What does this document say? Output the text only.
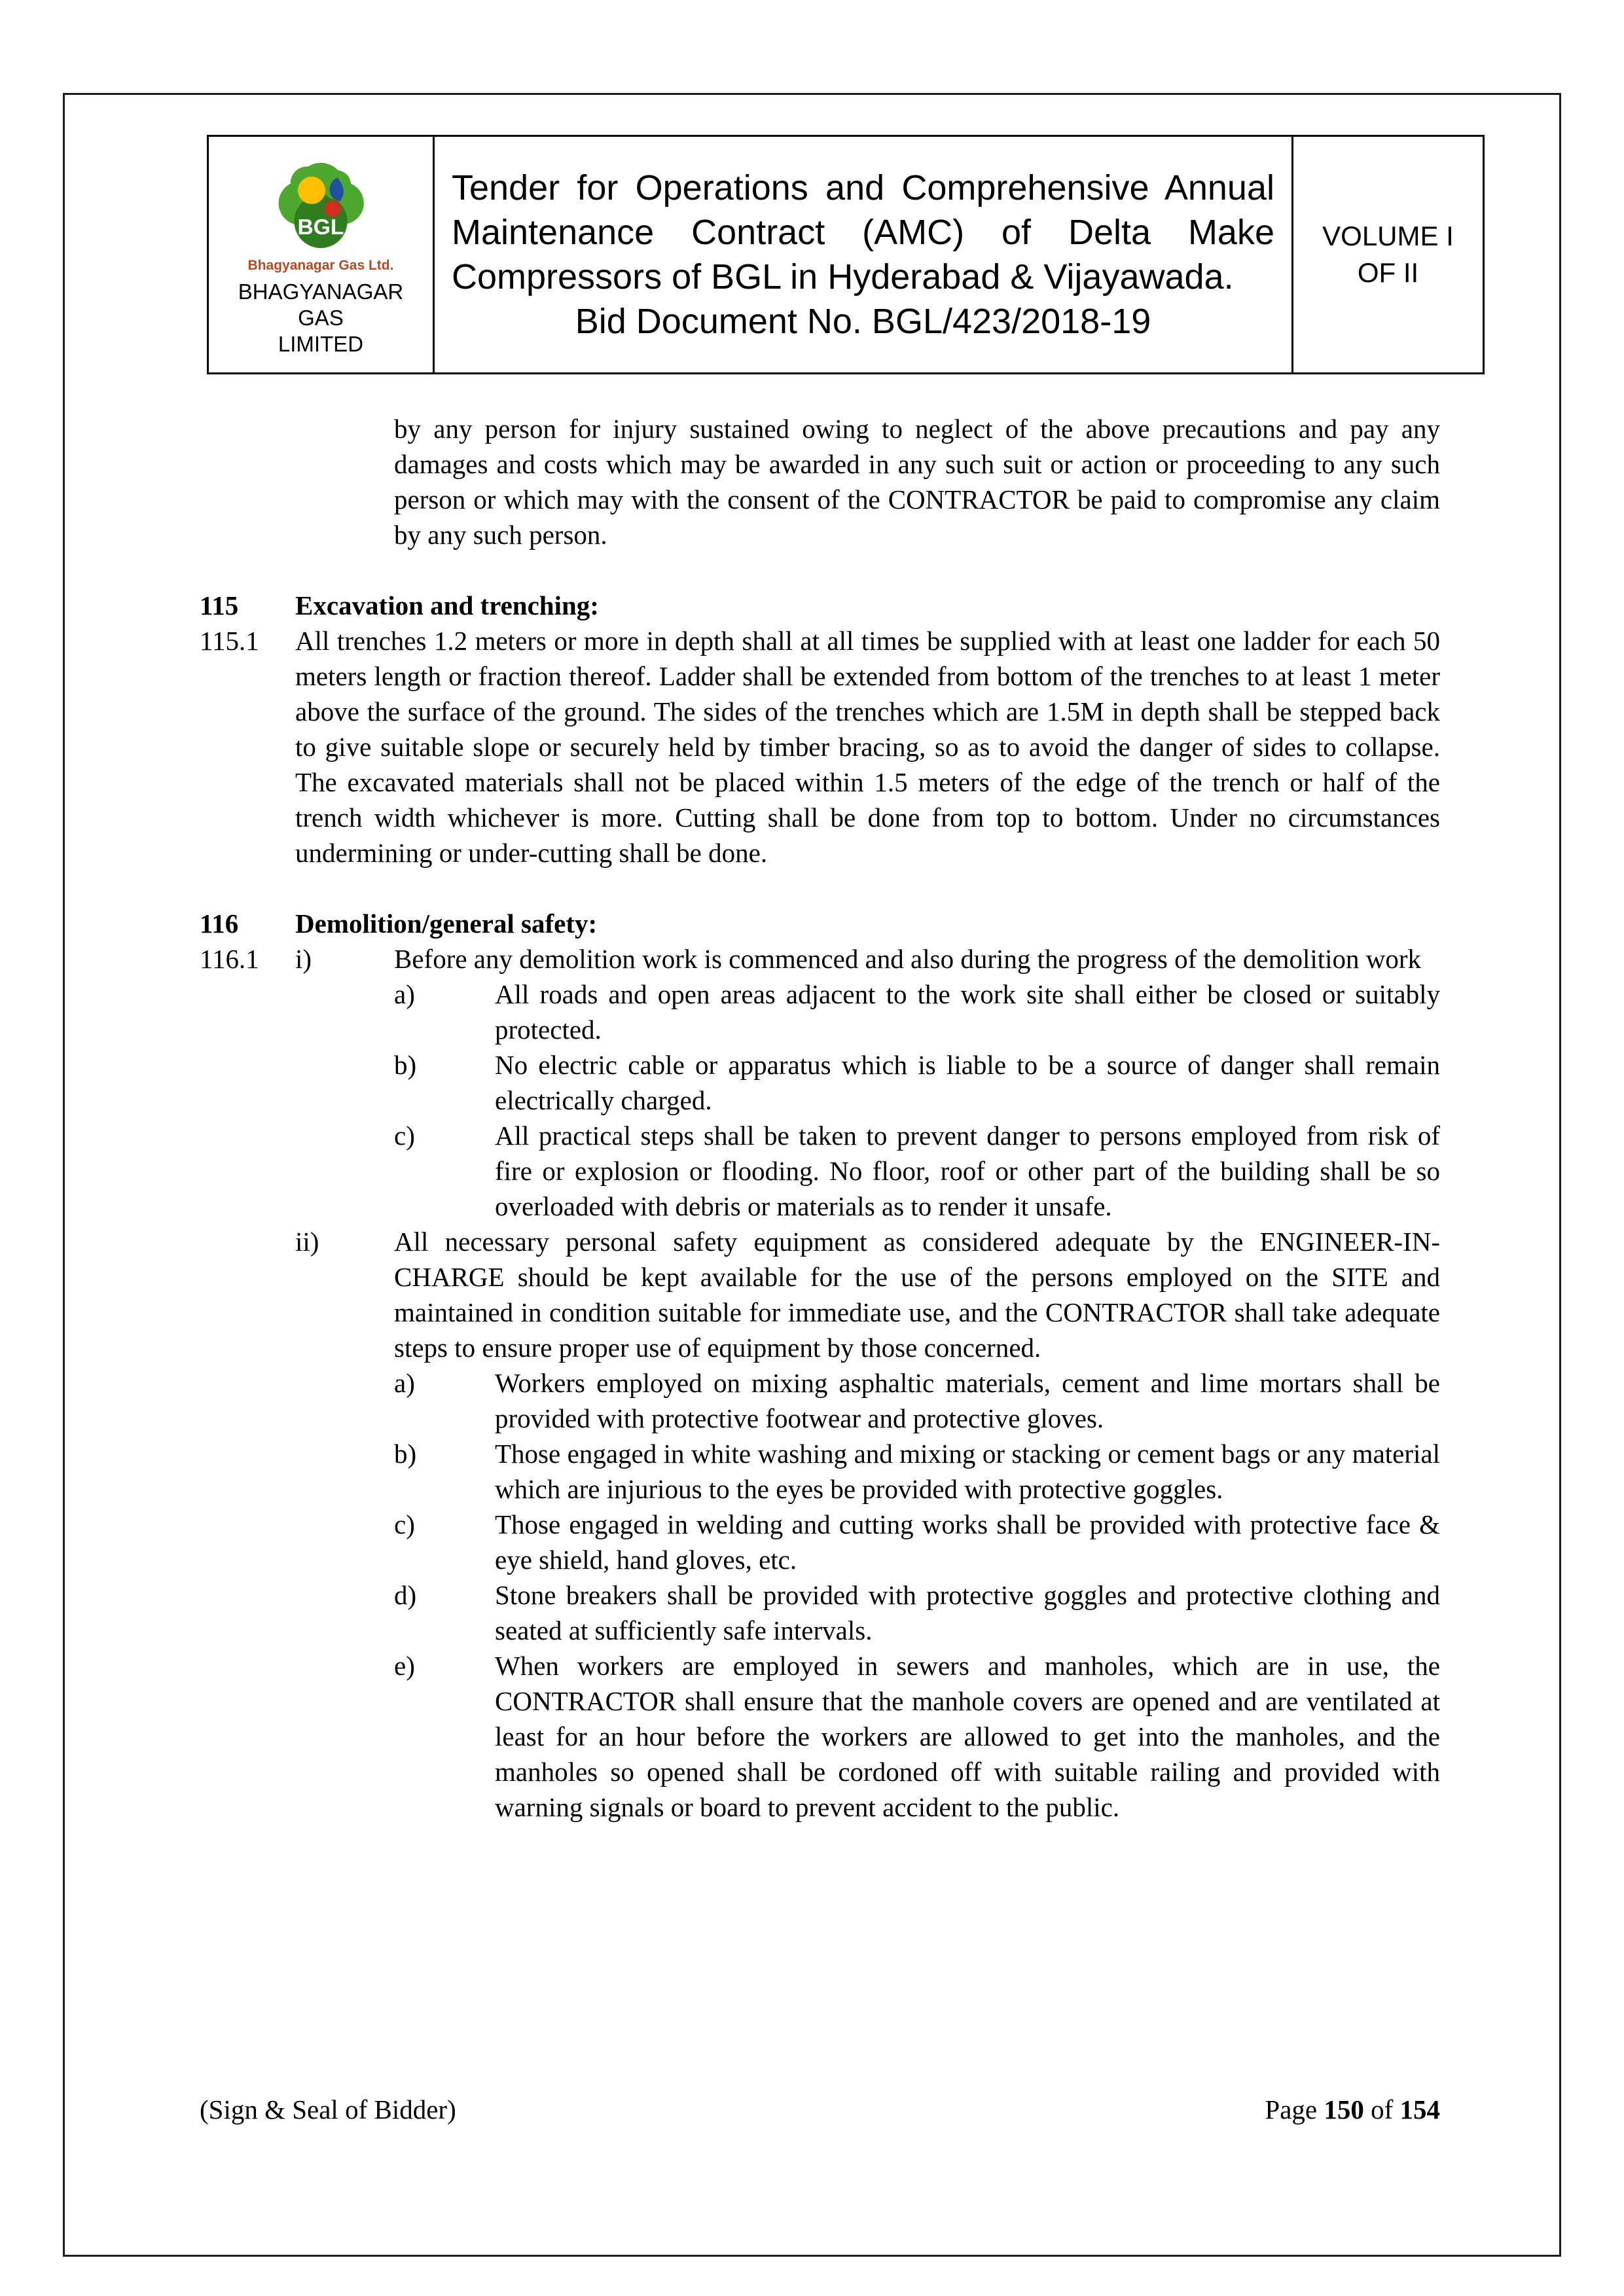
BGL
Bhagyanagar Gas Ltd.
BHAGYANAGAR GAS
LIMITED
Tender for Operations and Comprehensive Annual Maintenance Contract (AMC) of Delta Make Compressors of BGL in Hyderabad & Vijayawada.
Bid Document No. BGL/423/2018-19
VOLUME I
OF II

by any person for injury sustained owing to neglect of the above precautions and pay any damages and costs which may be awarded in any such suit or action or proceeding to any such person or which may with the consent of the CONTRACTOR be paid to compromise any claim by any such person.

115	Excavation and trenching:
115.1	All trenches 1.2 meters or more in depth shall at all times be supplied with at least one ladder for each 50 meters length or fraction thereof. Ladder shall be extended from bottom of the trenches to at least 1 meter above the surface of the ground. The sides of the trenches which are 1.5M in depth shall be stepped back to give suitable slope or securely held by timber bracing, so as to avoid the danger of sides to collapse. The excavated materials shall not be placed within 1.5 meters of the edge of the trench or half of the trench width whichever is more. Cutting shall be done from top to bottom. Under no circumstances undermining or under-cutting shall be done.

116	Demolition/general safety:
116.1	i)	Before any demolition work is commenced and also during the progress of the demolition work

a)	All roads and open areas adjacent to the work site shall either be closed or suitably protected.

b)	No electric cable or apparatus which is liable to be a source of danger shall remain electrically charged.

c)	All practical steps shall be taken to prevent danger to persons employed from risk of fire or explosion or flooding. No floor, roof or other part of the building shall be so overloaded with debris or materials as to render it unsafe.

ii)	All necessary personal safety equipment as considered adequate by the ENGINEER-IN-CHARGE should be kept available for the use of the persons employed on the SITE and maintained in condition suitable for immediate use, and the CONTRACTOR shall take adequate steps to ensure proper use of equipment by those concerned.

a)	Workers employed on mixing asphaltic materials, cement and lime mortars shall be provided with protective footwear and protective gloves.

b)	Those engaged in white washing and mixing or stacking or cement bags or any material which are injurious to the eyes be provided with protective goggles.

c)	Those engaged in welding and cutting works shall be provided with protective face & eye shield, hand gloves, etc.

d)	Stone breakers shall be provided with protective goggles and protective clothing and seated at sufficiently safe intervals.

e)	When workers are employed in sewers and manholes, which are in use, the CONTRACTOR shall ensure that the manhole covers are opened and are ventilated at least for an hour before the workers are allowed to get into the manholes, and the manholes so opened shall be cordoned off with suitable railing and provided with warning signals or board to prevent accident to the public.

(Sign & Seal of Bidder)	Page 150 of 154
